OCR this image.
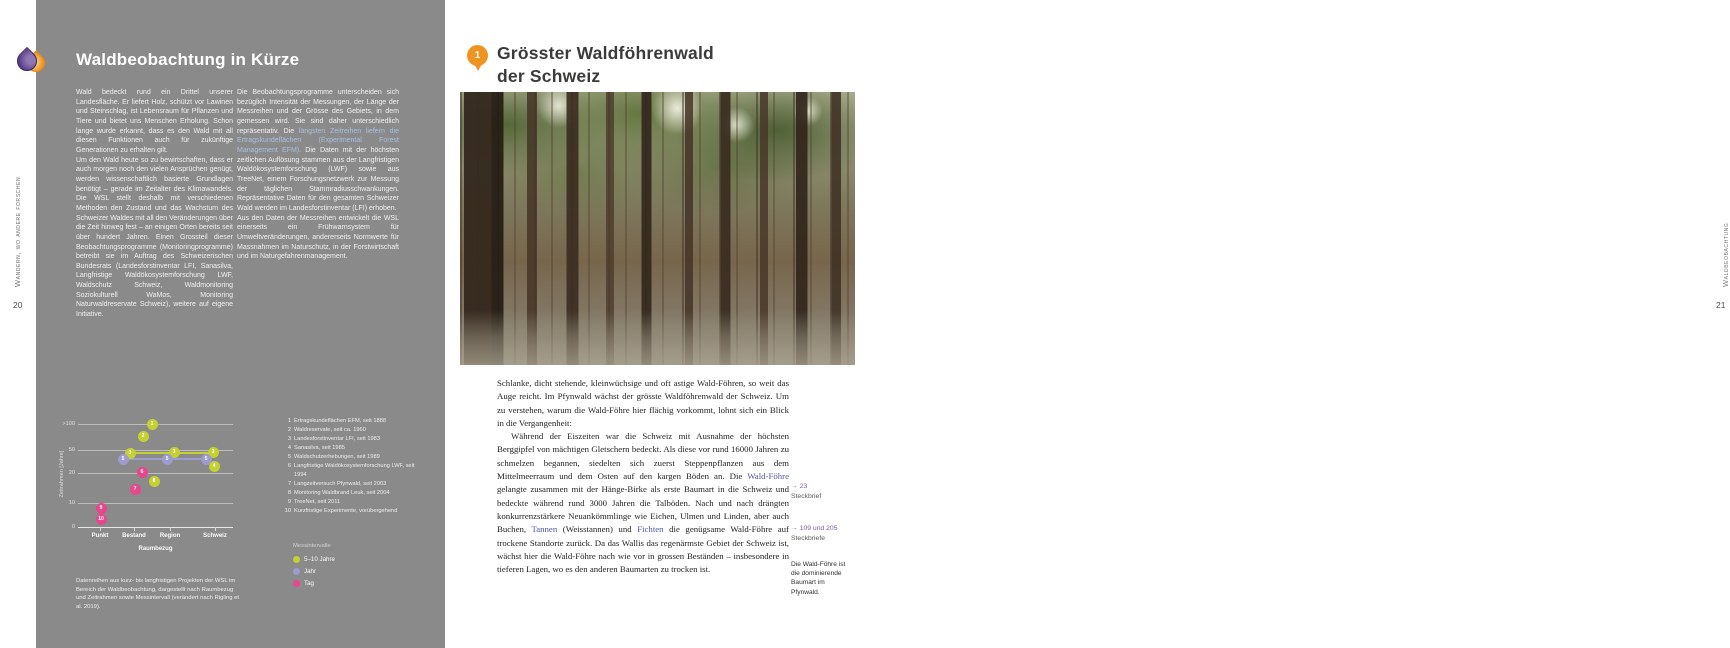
Wandern, wo andere forschen
20
Waldbeobachtung in Kürze

Wald bedeckt rund ein Drittel unserer Landesfläche. Er liefert Holz, schützt vor Lawinen und Steinschlag, ist Lebensraum für Pflanzen und Tiere und bietet uns Menschen Erholung. Schon lange wurde erkannt, dass es den Wald mit all diesen Funktionen auch für zukünftige Generationen zu erhalten gilt.

Um den Wald heute so zu bewirtschaften, dass er auch morgen noch den vielen Ansprüchen genügt, werden wissenschaftlich basierte Grundlagen benötigt – gerade im Zeitalter des Klimawandels. Die WSL stellt deshalb mit verschiedenen Methoden den Zustand und das Wachstum des Schweizer Waldes mit all den Veränderungen über die Zeit hinweg fest – an einigen Orten bereits seit über hundert Jahren. Einen Grossteil dieser Beobachtungsprogramme (Monitoringprogramme) betreibt sie im Auftrag des Schweizerischen Bundesrats (Landesforstinventar LFI, Sanasilva, Langfristige Waldökosystemforschung LWF, Waldschutz Schweiz, Waldmonitoring Soziokulturell WaMos, Monitoring Naturwaldreservate Schweiz), weitere auf eigene Initiative.

Die Beobachtungsprogramme unterscheiden sich bezüglich Intensität der Messungen, der Länge der Messreihen und der Grösse des Gebiets, in dem gemessen wird. Sie sind daher unterschiedlich repräsentativ. Die längsten Zeitreihen liefern die Ertragskundeflächen (Experimental Forest Management EFM). Die Daten mit der höchsten zeitlichen Auflösung stammen aus der Langfristigen Waldökosystemforschung (LWF) sowie aus TreeNet, einem Forschungsnetzwerk zur Messung der täglichen Stammradiusschwankungen. Repräsentative Daten für den gesamten Schweizer Wald werden im Landesforstinventar (LFI) erhoben.

Aus den Daten der Messreihen entwickelt die WSL einerseits ein Frühwarnsystem für Umweltveränderungen, andererseits Normwerte für Massnahmen im Naturschutz, in der Forstwirtschaft und im Naturgefahrenmanagement.

Zeitrahmen [Jahre]
Raumbezug
0
10
20
50
>100
Punkt	Bestand	Region	Schweiz
1
2
3	3	3
5	5	5
4
6
8
7
9
10
1 Ertragskundeflächen EFM, seit 1888
2 Waldreservate, seit ca. 1960
3 Landesforstinventar LFI, seit 1983
4 Sanasilva, seit 1985
5 Waldschutzerhebungen, seit 1989
6 Langfristige Waldökosystemforschung LWF, seit 1994
7 Langzeitversuch Pfynwald, seit 2003
8 Monitoring Waldbrand Leuk, seit 2004
9 TreeNet, seit 2011
10 Kurzfristige Experimente, vorübergehend
Messintervalle
5–10 Jahre
Jahr
Tag
Datenreihen aus kurz- bis langfristigen Projekten der WSL im Bereich der Waldbeobachtung, dargestellt nach Raumbezug und Zeitrahmen sowie Messintervall (verändert nach Rigling et al. 2019).
1 Grösster Waldföhrenwald
der Schweiz

Schlanke, dicht stehende, kleinwüchsige und oft astige Wald-Föhren, so weit das Auge reicht. Im Pfynwald wächst der grösste Waldföhrenwald der Schweiz. Um zu verstehen, warum die Wald-Föhre hier flächig vorkommt, lohnt sich ein Blick in die Vergangenheit:

Während der Eiszeiten war die Schweiz mit Ausnahme der höchsten Berggipfel von mächtigen Gletschern bedeckt. Als diese vor rund 16000 Jahren zu schmelzen begannen, siedelten sich zuerst Steppenpflanzen aus dem Mittelmeerraum und dem Osten auf den kargen Böden an. Die Wald-Föhre gelangte zusammen mit der Hänge-Birke als erste Baumart in die Schweiz und bedeckte während rund 3000 Jahren die Talböden. Nach und nach drängten konkurrenzstärkere Neuankömmlinge wie Eichen, Ulmen und Linden, aber auch Buchen, Tannen (Weisstannen) und Fichten die genügsame Wald-Föhre auf trockene Standorte zurück. Da das Wallis das regenärmste Gebiet der Schweiz ist, wächst hier die Wald-Föhre nach wie vor in grossen Beständen – insbesondere in tieferen Lagen, wo es den anderen Baumarten zu trocken ist.

→ 23
Steckbrief
→ 109 und 205
Steckbriefe
Die Wald-Föhre ist die dominierende Baumart im Pfynwald.
Waldbeobachtung
21
